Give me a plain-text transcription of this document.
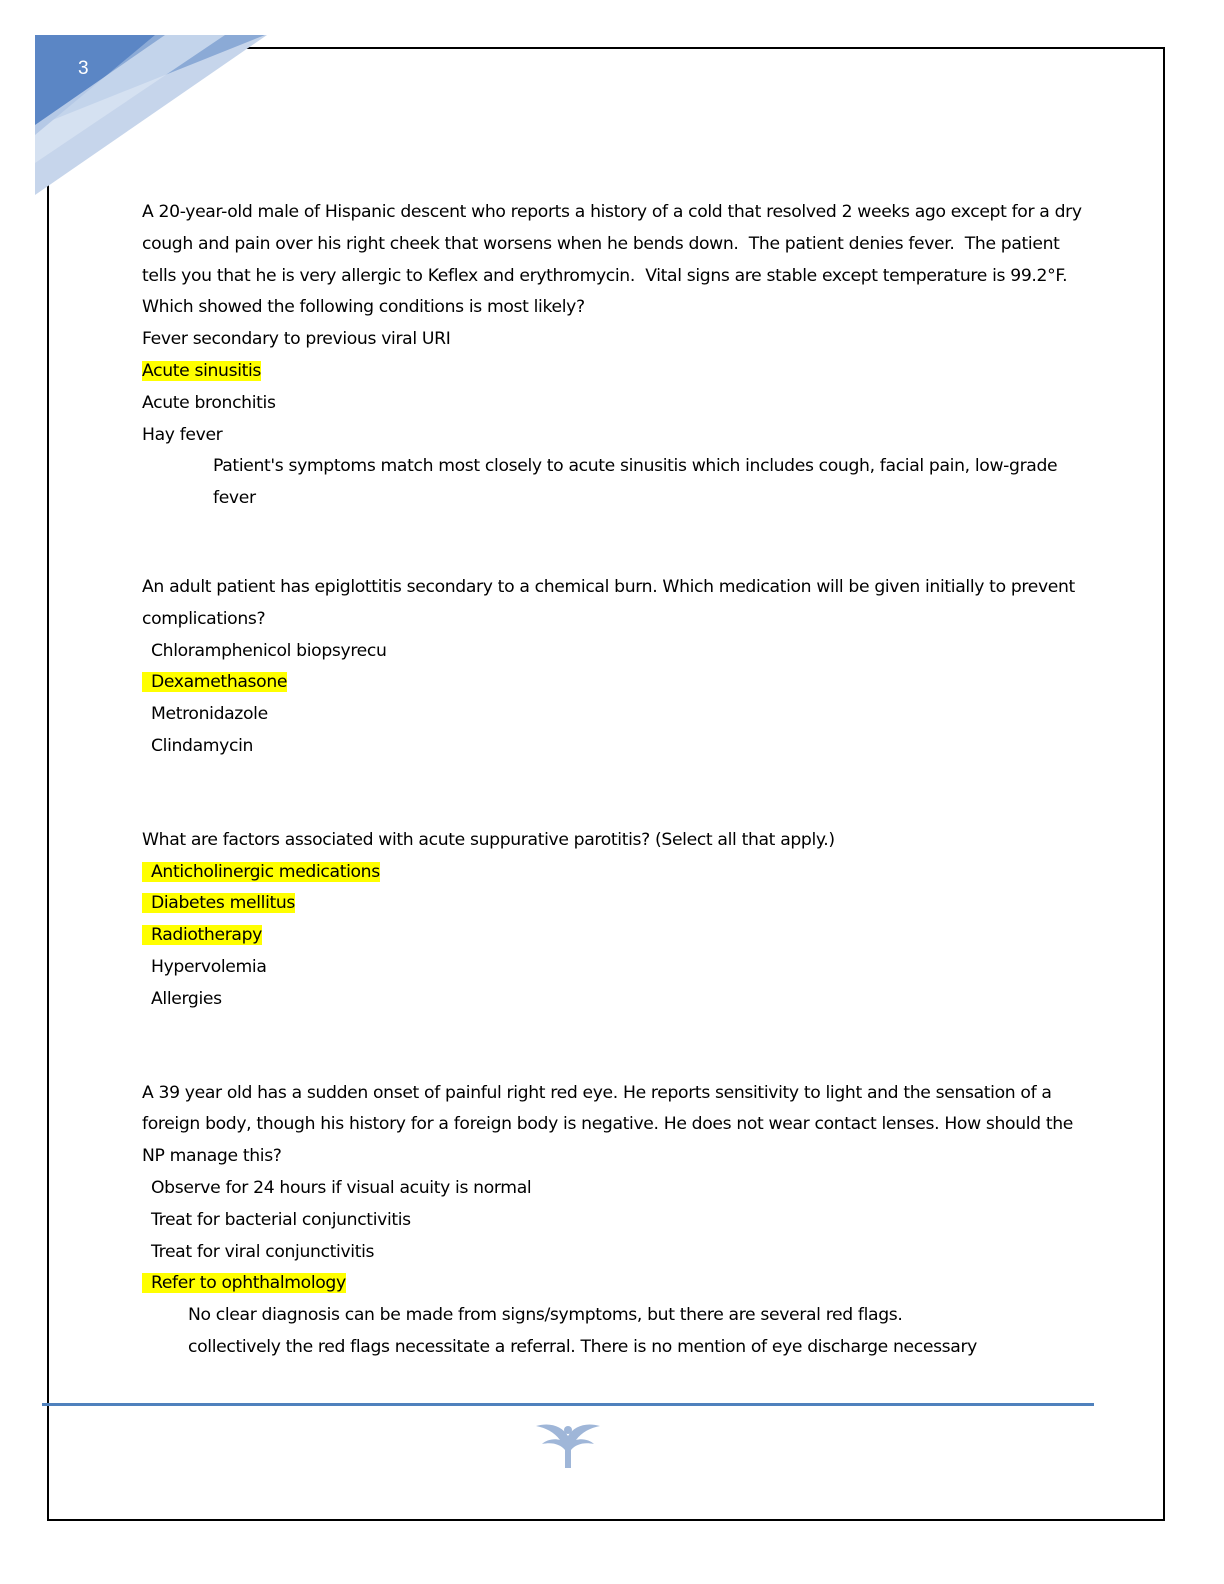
3

A 20-year-old male of Hispanic descent who reports a history of a cold that resolved 2 weeks ago except for a dry cough and pain over his right cheek that worsens when he bends down.  The patient denies fever.  The patient tells you that he is very allergic to Keflex and erythromycin.  Vital signs are stable except temperature is 99.2°F. Which showed the following conditions is most likely?

Fever secondary to previous viral URI
Acute sinusitis
Acute bronchitis
Hay fever

Patient's symptoms match most closely to acute sinusitis which includes cough, facial pain, low-grade fever

An adult patient has epiglottitis secondary to a chemical burn. Which medication will be given initially to prevent complications?

Chloramphenicol biopsyrecu
Dexamethasone
Metronidazole
Clindamycin

What are factors associated with acute suppurative parotitis? (Select all that apply.)

Anticholinergic medications
Diabetes mellitus
Radiotherapy
Hypervolemia
Allergies

A 39 year old has a sudden onset of painful right red eye. He reports sensitivity to light and the sensation of a foreign body, though his history for a foreign body is negative. He does not wear contact lenses. How should the NP manage this?

Observe for 24 hours if visual acuity is normal
Treat for bacterial conjunctivitis
Treat for viral conjunctivitis
Refer to ophthalmology

No clear diagnosis can be made from signs/symptoms, but there are several red flags.

collectively the red flags necessitate a referral. There is no mention of eye discharge necessary
